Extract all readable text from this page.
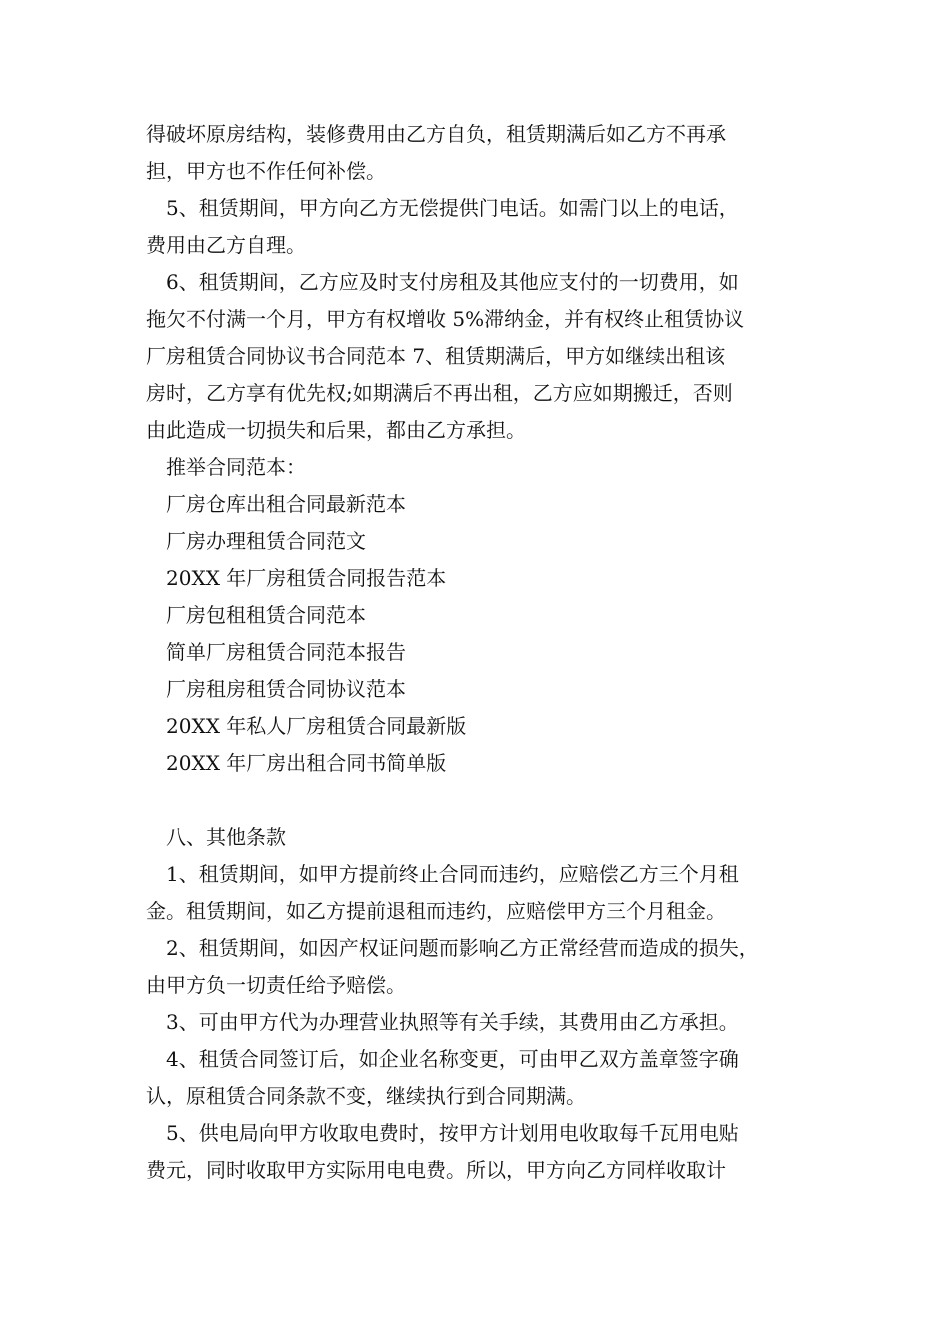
得破坏原房结构，装修费用由乙方自负，租赁期满后如乙方不再承
担，甲方也不作任何补偿。
5、租赁期间，甲方向乙方无偿提供门电话。如需门以上的电话，
费用由乙方自理。
6、租赁期间，乙方应及时支付房租及其他应支付的一切费用，如
拖欠不付满一个月，甲方有权增收 5%滞纳金，并有权终止租赁协议
厂房租赁合同协议书合同范本 7、租赁期满后，甲方如继续出租该
房时，乙方享有优先权;如期满后不再出租，乙方应如期搬迁，否则
由此造成一切损失和后果，都由乙方承担。
推举合同范本：
厂房仓库出租合同最新范本
厂房办理租赁合同范文
20XX 年厂房租赁合同报告范本
厂房包租租赁合同范本
简单厂房租赁合同范本报告
厂房租房租赁合同协议范本
20XX 年私人厂房租赁合同最新版
20XX 年厂房出租合同书简单版
八、其他条款
1、租赁期间，如甲方提前终止合同而违约，应赔偿乙方三个月租
金。租赁期间，如乙方提前退租而违约，应赔偿甲方三个月租金。
2、租赁期间，如因产权证问题而影响乙方正常经营而造成的损失，
由甲方负一切责任给予赔偿。
3、可由甲方代为办理营业执照等有关手续，其费用由乙方承担。
4、租赁合同签订后，如企业名称变更，可由甲乙双方盖章签字确
认，原租赁合同条款不变，继续执行到合同期满。
5、供电局向甲方收取电费时，按甲方计划用电收取每千瓦用电贴
费元，同时收取甲方实际用电电费。所以，甲方向乙方同样收取计
